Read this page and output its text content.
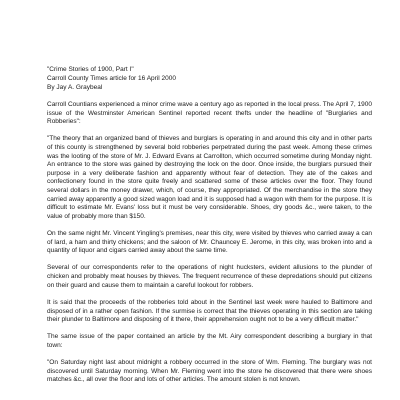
"Crime Stories of 1900, Part I"

Carroll County Times article for 16 April 2000

By Jay A. Graybeal

Carroll Countians experienced a minor crime wave a century ago as reported in the local press. The April 7, 1900 issue of the Westminster American Sentinel reported recent thefts under the headline of "Burglaries and Robberies":

"The theory that an organized band of thieves and burglars is operating in and around this city and in other parts of this county is strengthened by several bold robberies perpetrated during the past week. Among these crimes was the looting of the store of Mr. J. Edward Evans at Carrollton, which occurred sometime during Monday night. An entrance to the store was gained by destroying the lock on the door. Once inside, the burglars pursued their purpose in a very deliberate fashion and apparently without fear of detection. They ate of the cakes and confectionery found in the store quite freely and scattered some of these articles over the floor. They found several dollars in the money drawer, which, of course, they appropriated. Of the merchandise in the store they carried away apparently a good sized wagon load and it is supposed had a wagon with them for the purpose. It is difficult to estimate Mr. Evans' loss but it must be very considerable. Shoes, dry goods &c., were taken, to the value of probably more than $150.

On the same night Mr. Vincent Yingling's premises, near this city, were visited by thieves who carried away a can of lard, a ham and thirty chickens; and the saloon of Mr. Chauncey E. Jerome, in this city, was broken into and a quantity of liquor and cigars carried away about the same time.

Several of our correspondents refer to the operations of night hucksters, evident allusions to the plunder of chicken and probably meat houses by thieves. The frequent recurrence of these depredations should put citizens on their guard and cause them to maintain a careful lookout for robbers.

It is said that the proceeds of the robberies told about in the Sentinel last week were hauled to Baltimore and disposed of in a rather open fashion. If the surmise is correct that the thieves operating in this section are taking their plunder to Baltimore and disposing of it there, their apprehension ought not to be a very difficult matter."

The same issue of the paper contained an article by the Mt. Airy correspondent describing a burglary in that town:

"On Saturday night last about midnight a robbery occurred in the store of Wm. Fleming. The burglary was not discovered until Saturday morning. When Mr. Fleming went into the store he discovered that there were shoes matches &c., all over the floor and lots of other articles. The amount stolen is not known.
